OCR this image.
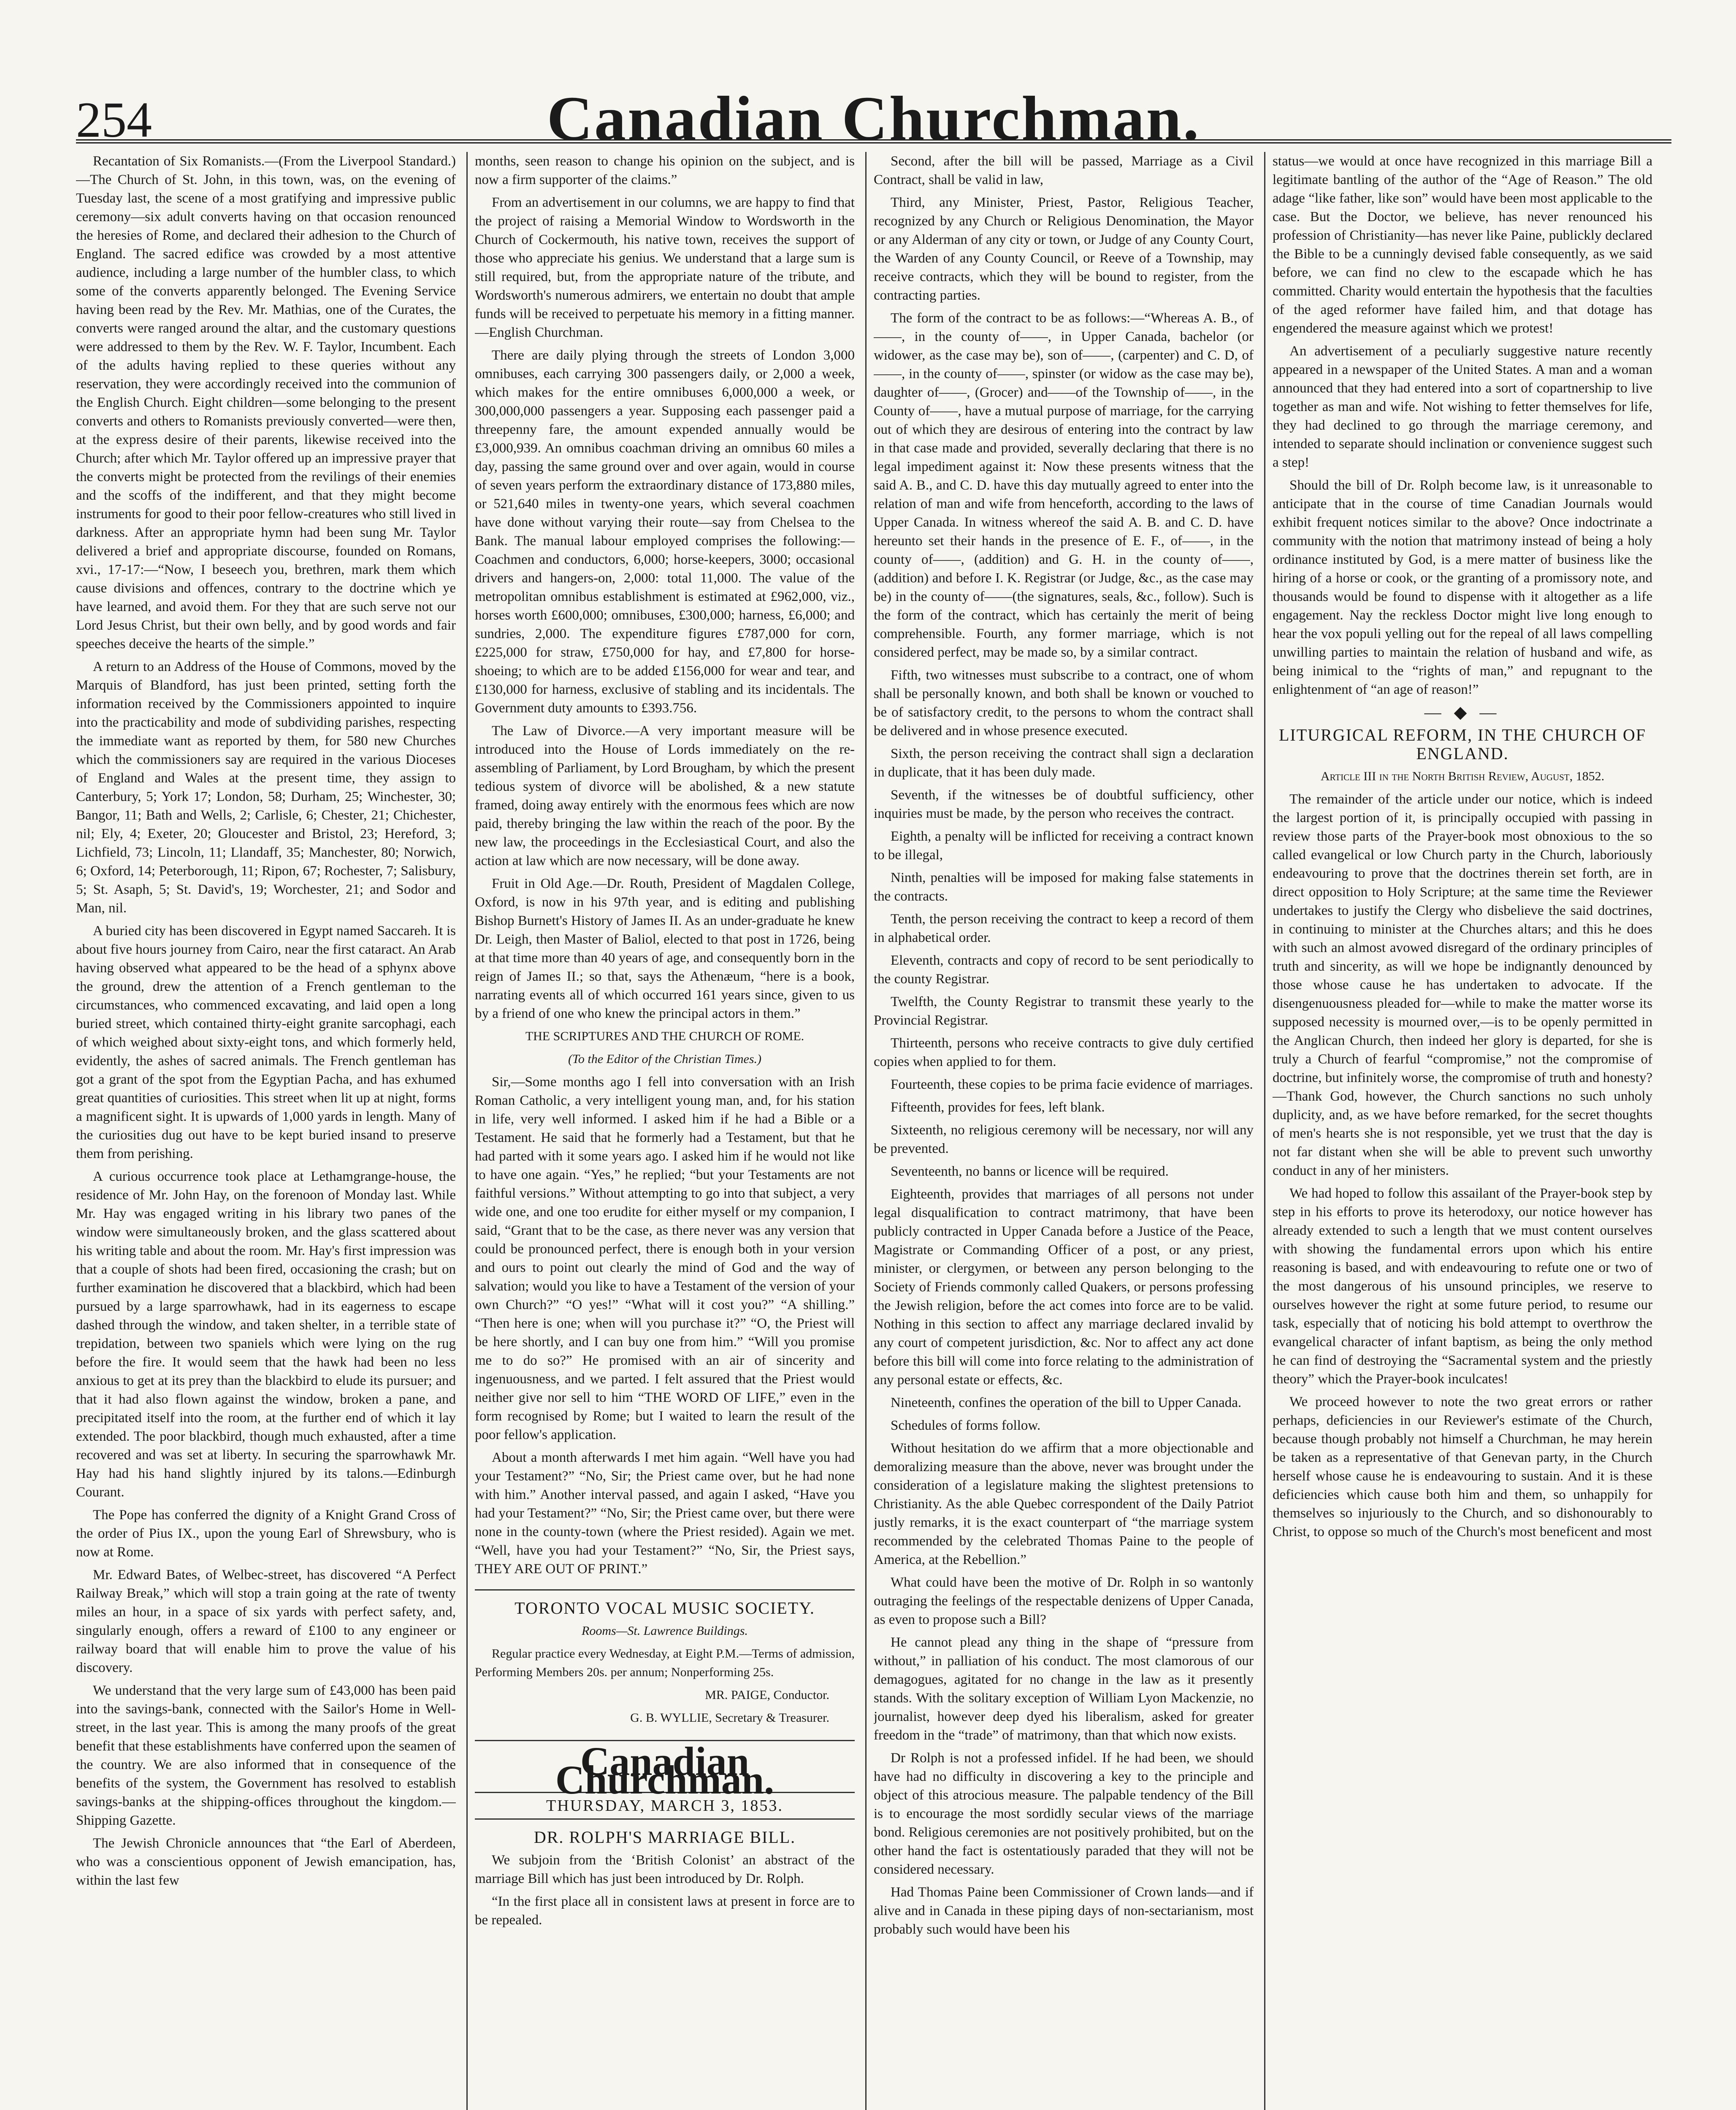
254	Canadian Churchman.

Recantation of Six Romanists.—(From the Liverpool Standard.)—The Church of St. John, in this town, was, on the evening of Tuesday last, the scene of a most gratifying and impressive public ceremony—six adult converts having on that occasion renounced the heresies of Rome, and declared their adhesion to the Church of England. The sacred edifice was crowded by a most attentive audience, including a large number of the humbler class, to which some of the converts apparently belonged. The Evening Service having been read by the Rev. Mr. Mathias, one of the Curates, the converts were ranged around the altar, and the customary questions were addressed to them by the Rev. W. F. Taylor, Incumbent. Each of the adults having replied to these queries without any reservation, they were accordingly received into the communion of the English Church. Eight children—some belonging to the present converts and others to Romanists previously converted—were then, at the express desire of their parents, likewise received into the Church; after which Mr. Taylor offered up an impressive prayer that the converts might be protected from the revilings of their enemies and the scoffs of the indifferent, and that they might become instruments for good to their poor fellow-creatures who still lived in darkness. After an appropriate hymn had been sung Mr. Taylor delivered a brief and appropriate discourse, founded on Romans, xvi., 17-17:—“Now, I beseech you, brethren, mark them which cause divisions and offences, contrary to the doctrine which ye have learned, and avoid them. For they that are such serve not our Lord Jesus Christ, but their own belly, and by good words and fair speeches deceive the hearts of the simple.”

A return to an Address of the House of Commons, moved by the Marquis of Blandford, has just been printed, setting forth the information received by the Commissioners appointed to inquire into the practicability and mode of subdividing parishes, respecting the immediate want as reported by them, for 580 new Churches which the commissioners say are required in the various Dioceses of England and Wales at the present time, they assign to Canterbury, 5; York 17; London, 58; Durham, 25; Winchester, 30; Bangor, 11; Bath and Wells, 2; Carlisle, 6; Chester, 21; Chichester, nil; Ely, 4; Exeter, 20; Gloucester and Bristol, 23; Hereford, 3; Lichfield, 73; Lincoln, 11; Llandaff, 35; Manchester, 80; Norwich, 6; Oxford, 14; Peterborough, 11; Ripon, 67; Rochester, 7; Salisbury, 5; St. Asaph, 5; St. David's, 19; Worchester, 21; and Sodor and Man, nil.

A buried city has been discovered in Egypt named Saccareh. It is about five hours journey from Cairo, near the first cataract. An Arab having observed what appeared to be the head of a sphynx above the ground, drew the attention of a French gentleman to the circumstances, who commenced excavating, and laid open a long buried street, which contained thirty-eight granite sarcophagi, each of which weighed about sixty-eight tons, and which formerly held, evidently, the ashes of sacred animals. The French gentleman has got a grant of the spot from the Egyptian Pacha, and has exhumed great quantities of curiosities. This street when lit up at night, forms a magnificent sight. It is upwards of 1,000 yards in length. Many of the curiosities dug out have to be kept buried insand to preserve them from perishing.

A curious occurrence took place at Lethamgrange-house, the residence of Mr. John Hay, on the forenoon of Monday last. While Mr. Hay was engaged writing in his library two panes of the window were simultaneously broken, and the glass scattered about his writing table and about the room. Mr. Hay's first impression was that a couple of shots had been fired, occasioning the crash; but on further examination he discovered that a blackbird, which had been pursued by a large sparrowhawk, had in its eagerness to escape dashed through the window, and taken shelter, in a terrible state of trepidation, between two spaniels which were lying on the rug before the fire. It would seem that the hawk had been no less anxious to get at its prey than the blackbird to elude its pursuer; and that it had also flown against the window, broken a pane, and precipitated itself into the room, at the further end of which it lay extended. The poor blackbird, though much exhausted, after a time recovered and was set at liberty. In securing the sparrowhawk Mr. Hay had his hand slightly injured by its talons.—Edinburgh Courant.

The Pope has conferred the dignity of a Knight Grand Cross of the order of Pius IX., upon the young Earl of Shrewsbury, who is now at Rome.

Mr. Edward Bates, of Welbec-street, has discovered “A Perfect Railway Break,” which will stop a train going at the rate of twenty miles an hour, in a space of six yards with perfect safety, and, singularly enough, offers a reward of £100 to any engineer or railway board that will enable him to prove the value of his discovery.

We understand that the very large sum of £43,000 has been paid into the savings-bank, connected with the Sailor's Home in Well-street, in the last year. This is among the many proofs of the great benefit that these establishments have conferred upon the seamen of the country. We are also informed that in consequence of the benefits of the system, the Government has resolved to establish savings-banks at the shipping-offices throughout the kingdom.—Shipping Gazette.

The Jewish Chronicle announces that “the Earl of Aberdeen, who was a conscientious opponent of Jewish emancipation, has, within the last few

months, seen reason to change his opinion on the subject, and is now a firm supporter of the claims.”

From an advertisement in our columns, we are happy to find that the project of raising a Memorial Window to Wordsworth in the Church of Cockermouth, his native town, receives the support of those who appreciate his genius. We understand that a large sum is still required, but, from the appropriate nature of the tribute, and Wordsworth's numerous admirers, we entertain no doubt that ample funds will be received to perpetuate his memory in a fitting manner.—English Churchman.

There are daily plying through the streets of London 3,000 omnibuses, each carrying 300 passengers daily, or 2,000 a week, which makes for the entire omnibuses 6,000,000 a week, or 300,000,000 passengers a year. Supposing each passenger paid a threepenny fare, the amount expended annually would be £3,000,939. An omnibus coachman driving an omnibus 60 miles a day, passing the same ground over and over again, would in course of seven years perform the extraordinary distance of 173,880 miles, or 521,640 miles in twenty-one years, which several coachmen have done without varying their route—say from Chelsea to the Bank. The manual labour employed comprises the following:—Coachmen and conductors, 6,000; horse-keepers, 3000; occasional drivers and hangers-on, 2,000: total 11,000. The value of the metropolitan omnibus establishment is estimated at £962,000, viz., horses worth £600,000; omnibuses, £300,000; harness, £6,000; and sundries, 2,000. The expenditure figures £787,000 for corn, £225,000 for straw, £750,000 for hay, and £7,800 for horse-shoeing; to which are to be added £156,000 for wear and tear, and £130,000 for harness, exclusive of stabling and its incidentals. The Government duty amounts to £393.756.

The Law of Divorce.—A very important measure will be introduced into the House of Lords immediately on the re-assembling of Parliament, by Lord Brougham, by which the present tedious system of divorce will be abolished, & a new statute framed, doing away entirely with the enormous fees which are now paid, thereby bringing the law within the reach of the poor. By the new law, the proceedings in the Ecclesiastical Court, and also the action at law which are now necessary, will be done away.

Fruit in Old Age.—Dr. Routh, President of Magdalen College, Oxford, is now in his 97th year, and is editing and publishing Bishop Burnett's History of James II. As an under-graduate he knew Dr. Leigh, then Master of Baliol, elected to that post in 1726, being at that time more than 40 years of age, and consequently born in the reign of James II.; so that, says the Athenæum, “here is a book, narrating events all of which occurred 161 years since, given to us by a friend of one who knew the principal actors in them.”

THE SCRIPTURES AND THE CHURCH OF ROME.

(To the Editor of the Christian Times.)

Sir,—Some months ago I fell into conversation with an Irish Roman Catholic, a very intelligent young man, and, for his station in life, very well informed. I asked him if he had a Bible or a Testament. He said that he formerly had a Testament, but that he had parted with it some years ago. I asked him if he would not like to have one again. “Yes,” he replied; “but your Testaments are not faithful versions.” Without attempting to go into that subject, a very wide one, and one too erudite for either myself or my companion, I said, “Grant that to be the case, as there never was any version that could be pronounced perfect, there is enough both in your version and ours to point out clearly the mind of God and the way of salvation; would you like to have a Testament of the version of your own Church?” “O yes!” “What will it cost you?” “A shilling.” “Then here is one; when will you purchase it?” “O, the Priest will be here shortly, and I can buy one from him.” “Will you promise me to do so?” He promised with an air of sincerity and ingenuousness, and we parted. I felt assured that the Priest would neither give nor sell to him “THE WORD OF LIFE,” even in the form recognised by Rome; but I waited to learn the result of the poor fellow's application.

About a month afterwards I met him again. “Well have you had your Testament?” “No, Sir; the Priest came over, but he had none with him.” Another interval passed, and again I asked, “Have you had your Testament?” “No, Sir; the Priest came over, but there were none in the county-town (where the Priest resided). Again we met. “Well, have you had your Testament?” “No, Sir, the Priest says, THEY ARE OUT OF PRINT.”

TORONTO VOCAL MUSIC SOCIETY.

Rooms—St. Lawrence Buildings.

Regular practice every Wednesday, at Eight P.M.—Terms of admission, Performing Members 20s. per annum; Nonperforming 25s.

MR. PAIGE, Conductor.

G. B. WYLLIE, Secretary & Treasurer.

Canadian Churchman.
THURSDAY, MARCH 3, 1853.

DR. ROLPH'S MARRIAGE BILL.

We subjoin from the ‘British Colonist’ an abstract of the marriage Bill which has just been introduced by Dr. Rolph.

“In the first place all in consistent laws at present in force are to be repealed.

Second, after the bill will be passed, Marriage as a Civil Contract, shall be valid in law,

Third, any Minister, Priest, Pastor, Religious Teacher, recognized by any Church or Religious Denomination, the Mayor or any Alderman of any city or town, or Judge of any County Court, the Warden of any County Council, or Reeve of a Township, may receive contracts, which they will be bound to register, from the contracting parties.

The form of the contract to be as follows:—“Whereas A. B., of——, in the county of——, in Upper Canada, bachelor (or widower, as the case may be), son of——, (carpenter) and C. D, of——, in the county of——, spinster (or widow as the case may be), daughter of——, (Grocer) and——of the Township of——, in the County of——, have a mutual purpose of marriage, for the carrying out of which they are desirous of entering into the contract by law in that case made and provided, severally declaring that there is no legal impediment against it: Now these presents witness that the said A. B., and C. D. have this day mutually agreed to enter into the relation of man and wife from henceforth, according to the laws of Upper Canada. In witness whereof the said A. B. and C. D. have hereunto set their hands in the presence of E. F., of——, in the county of——, (addition) and G. H. in the county of——, (addition) and before I. K. Registrar (or Judge, &c., as the case may be) in the county of——(the signatures, seals, &c., follow). Such is the form of the contract, which has certainly the merit of being comprehensible. Fourth, any former marriage, which is not considered perfect, may be made so, by a similar contract.

Fifth, two witnesses must subscribe to a contract, one of whom shall be personally known, and both shall be known or vouched to be of satisfactory credit, to the persons to whom the contract shall be delivered and in whose presence executed.

Sixth, the person receiving the contract shall sign a declaration in duplicate, that it has been duly made.

Seventh, if the witnesses be of doubtful sufficiency, other inquiries must be made, by the person who receives the contract.

Eighth, a penalty will be inflicted for receiving a contract known to be illegal,

Ninth, penalties will be imposed for making false statements in the contracts.

Tenth, the person receiving the contract to keep a record of them in alphabetical order.

Eleventh, contracts and copy of record to be sent periodically to the county Registrar.

Twelfth, the County Registrar to transmit these yearly to the Provincial Registrar.

Thirteenth, persons who receive contracts to give duly certified copies when applied to for them.

Fourteenth, these copies to be prima facie evidence of marriages.

Fifteenth, provides for fees, left blank.

Sixteenth, no religious ceremony will be necessary, nor will any be prevented.

Seventeenth, no banns or licence will be required.

Eighteenth, provides that marriages of all persons not under legal disqualification to contract matrimony, that have been publicly contracted in Upper Canada before a Justice of the Peace, Magistrate or Commanding Officer of a post, or any priest, minister, or clergymen, or between any person belonging to the Society of Friends commonly called Quakers, or persons professing the Jewish religion, before the act comes into force are to be valid. Nothing in this section to affect any marriage declared invalid by any court of competent jurisdiction, &c. Nor to affect any act done before this bill will come into force relating to the administration of any personal estate or effects, &c.

Nineteenth, confines the operation of the bill to Upper Canada.

Schedules of forms follow.

Without hesitation do we affirm that a more objectionable and demoralizing measure than the above, never was brought under the consideration of a legislature making the slightest pretensions to Christianity. As the able Quebec correspondent of the Daily Patriot justly remarks, it is the exact counterpart of “the marriage system recommended by the celebrated Thomas Paine to the people of America, at the Rebellion.”

What could have been the motive of Dr. Rolph in so wantonly outraging the feelings of the respectable denizens of Upper Canada, as even to propose such a Bill?

He cannot plead any thing in the shape of “pressure from without,” in palliation of his conduct. The most clamorous of our demagogues, agitated for no change in the law as it presently stands. With the solitary exception of William Lyon Mackenzie, no journalist, however deep dyed his liberalism, asked for greater freedom in the “trade” of matrimony, than that which now exists.

Dr Rolph is not a professed infidel. If he had been, we should have had no difficulty in discovering a key to the principle and object of this atrocious measure. The palpable tendency of the Bill is to encourage the most sordidly secular views of the marriage bond. Religious ceremonies are not positively prohibited, but on the other hand the fact is ostentatiously paraded that they will not be considered necessary.

Had Thomas Paine been Commissioner of Crown lands—and if alive and in Canada in these piping days of non-sectarianism, most probably such would have been his

status—we would at once have recognized in this marriage Bill a legitimate bantling of the author of the “Age of Reason.” The old adage “like father, like son” would have been most applicable to the case. But the Doctor, we believe, has never renounced his profession of Christianity—has never like Paine, publickly declared the Bible to be a cunningly devised fable consequently, as we said before, we can find no clew to the escapade which he has committed. Charity would entertain the hypothesis that the faculties of the aged reformer have failed him, and that dotage has engendered the measure against which we protest!

An advertisement of a peculiarly suggestive nature recently appeared in a newspaper of the United States. A man and a woman announced that they had entered into a sort of copartnership to live together as man and wife. Not wishing to fetter themselves for life, they had declined to go through the marriage ceremony, and intended to separate should inclination or convenience suggest such a step!

Should the bill of Dr. Rolph become law, is it unreasonable to anticipate that in the course of time Canadian Journals would exhibit frequent notices similar to the above? Once indoctrinate a community with the notion that matrimony instead of being a holy ordinance instituted by God, is a mere matter of business like the hiring of a horse or cook, or the granting of a promissory note, and thousands would be found to dispense with it altogether as a life engagement. Nay the reckless Doctor might live long enough to hear the vox populi yelling out for the repeal of all laws compelling unwilling parties to maintain the relation of husband and wife, as being inimical to the “rights of man,” and repugnant to the enlightenment of “an age of reason!”

— ◆ —

LITURGICAL REFORM, IN THE CHURCH OF ENGLAND.

Article III in the North British Review, August, 1852.

The remainder of the article under our notice, which is indeed the largest portion of it, is principally occupied with passing in review those parts of the Prayer-book most obnoxious to the so called evangelical or low Church party in the Church, laboriously endeavouring to prove that the doctrines therein set forth, are in direct opposition to Holy Scripture; at the same time the Reviewer undertakes to justify the Clergy who disbelieve the said doctrines, in continuing to minister at the Churches altars; and this he does with such an almost avowed disregard of the ordinary principles of truth and sincerity, as will we hope be indignantly denounced by those whose cause he has undertaken to advocate. If the disengenuousness pleaded for—while to make the matter worse its supposed necessity is mourned over,—is to be openly permitted in the Anglican Church, then indeed her glory is departed, for she is truly a Church of fearful “compromise,” not the compromise of doctrine, but infinitely worse, the compromise of truth and honesty?—Thank God, however, the Church sanctions no such unholy duplicity, and, as we have before remarked, for the secret thoughts of men's hearts she is not responsible, yet we trust that the day is not far distant when she will be able to prevent such unworthy conduct in any of her ministers.

We had hoped to follow this assailant of the Prayer-book step by step in his efforts to prove its heterodoxy, our notice however has already extended to such a length that we must content ourselves with showing the fundamental errors upon which his entire reasoning is based, and with endeavouring to refute one or two of the most dangerous of his unsound principles, we reserve to ourselves however the right at some future period, to resume our task, especially that of noticing his bold attempt to overthrow the evangelical character of infant baptism, as being the only method he can find of destroying the “Sacramental system and the priestly theory” which the Prayer-book inculcates!

We proceed however to note the two great errors or rather perhaps, deficiencies in our Reviewer's estimate of the Church, because though probably not himself a Churchman, he may herein be taken as a representative of that Genevan party, in the Church herself whose cause he is endeavouring to sustain. And it is these deficiencies which cause both him and them, so unhappily for themselves so injuriously to the Church, and so dishonourably to Christ, to oppose so much of the Church's most beneficent and most
